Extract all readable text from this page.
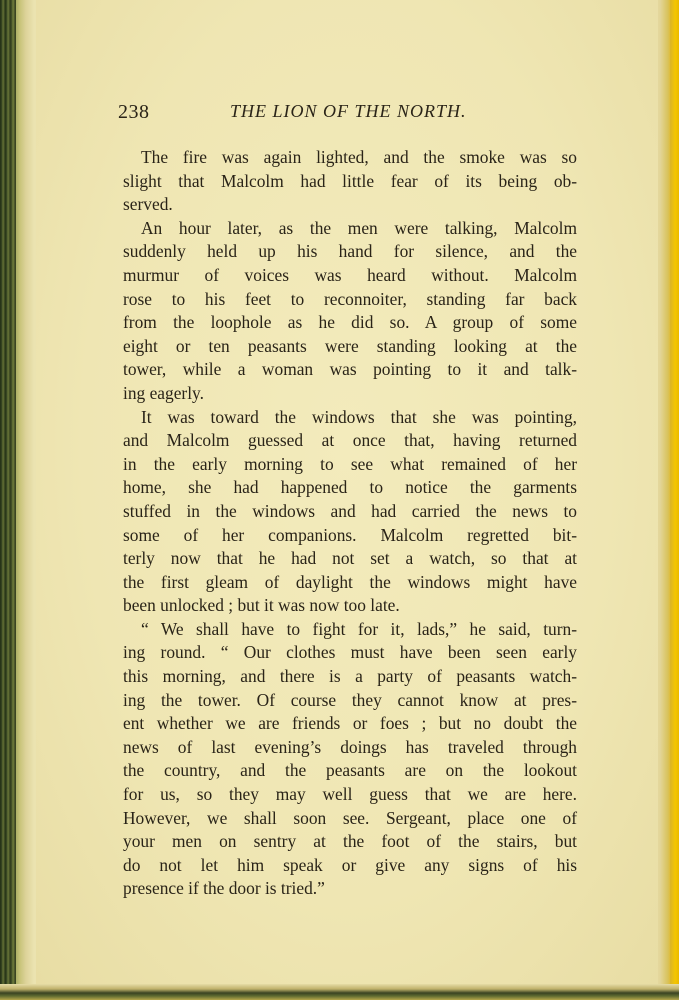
238	THE LION OF THE NORTH.
The fire was again lighted, and the smoke was so
slight that Malcolm had little fear of its being ob-
served.
An hour later, as the men were talking, Malcolm
suddenly held up his hand for silence, and the
murmur of voices was heard without. Malcolm
rose to his feet to reconnoiter, standing far back
from the loophole as he did so. A group of some
eight or ten peasants were standing looking at the
tower, while a woman was pointing to it and talk-
ing eagerly.
It was toward the windows that she was pointing,
and Malcolm guessed at once that, having returned
in the early morning to see what remained of her
home, she had happened to notice the garments
stuffed in the windows and had carried the news to
some of her companions. Malcolm regretted bit-
terly now that he had not set a watch, so that at
the first gleam of daylight the windows might have
been unlocked ; but it was now too late.
“ We shall have to fight for it, lads,” he said, turn-
ing round. “ Our clothes must have been seen early
this morning, and there is a party of peasants watch-
ing the tower. Of course they cannot know at pres-
ent whether we are friends or foes ; but no doubt the
news of last evening’s doings has traveled through
the country, and the peasants are on the lookout
for us, so they may well guess that we are here.
However, we shall soon see. Sergeant, place one of
your men on sentry at the foot of the stairs, but
do not let him speak or give any signs of his
presence if the door is tried.”
